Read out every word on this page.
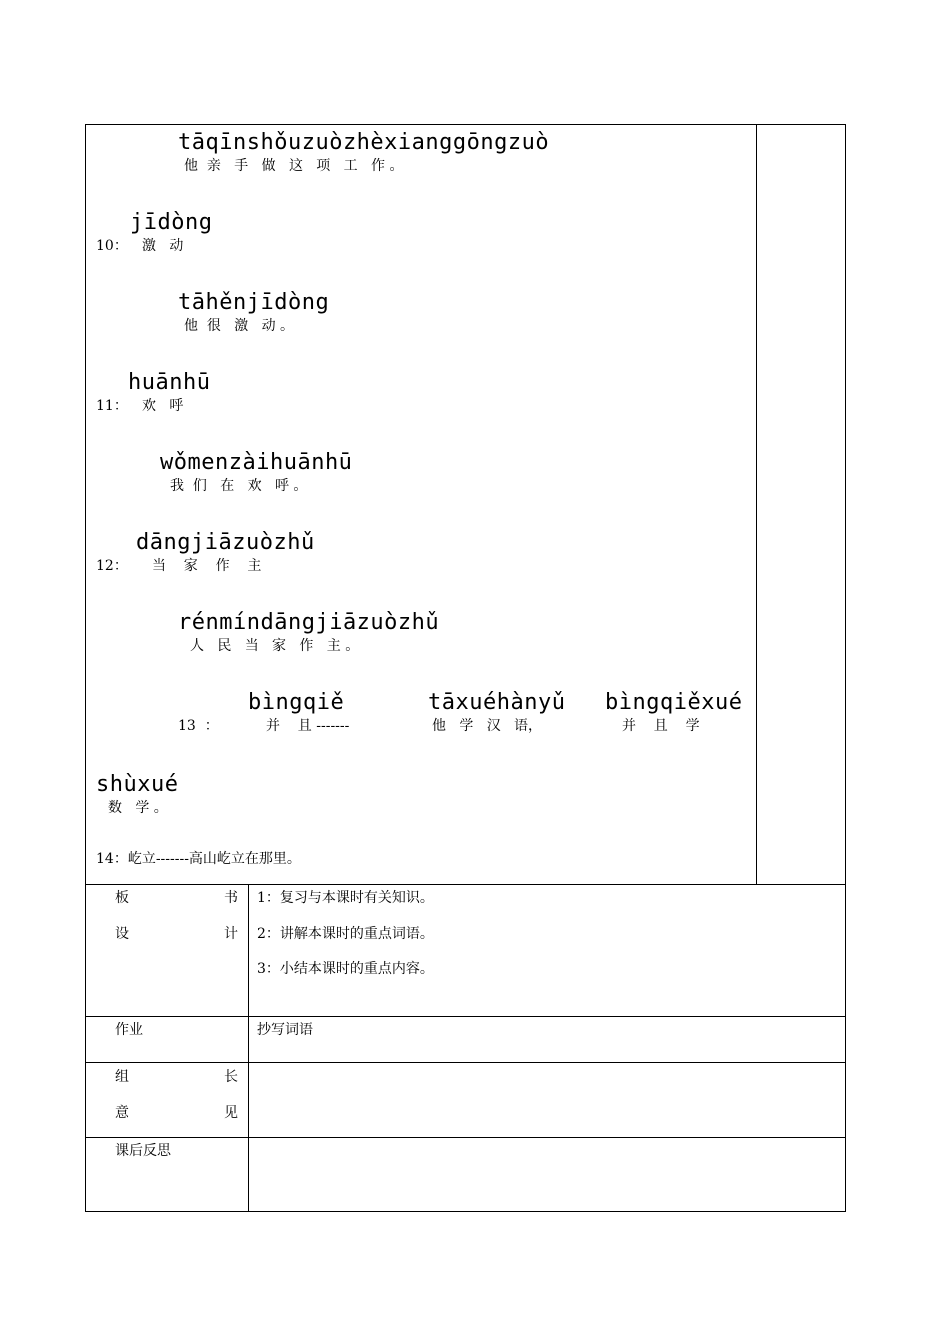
tāqīnshǒuzuòzhèxianggōngzuò
他  亲   手   做   这   项   工   作 。
jīdòng
10： 激   动
tāhěnjīdòng
他  很   激   动 。
huānhū
11： 欢   呼
wǒmenzàihuānhū
我  们   在   欢   呼 。
dāngjiāzuòzhǔ
12： 当    家    作    主
rénmíndāngjiāzuòzhǔ
人   民   当   家   作   主 。
bìngqiě	tāxuéhànyǔ bìngqiěxué
13  ：	并    且 -------	他   学   汉   语，	并    且    学
shùxué
数   学 。
14：屹立-------高山屹立在那里。
板	书
设	计
1：复习与本课时有关知识。
2：讲解本课时的重点词语。
3：小结本课时的重点内容。
作业	抄写词语
组	长
意	见
课后反思
